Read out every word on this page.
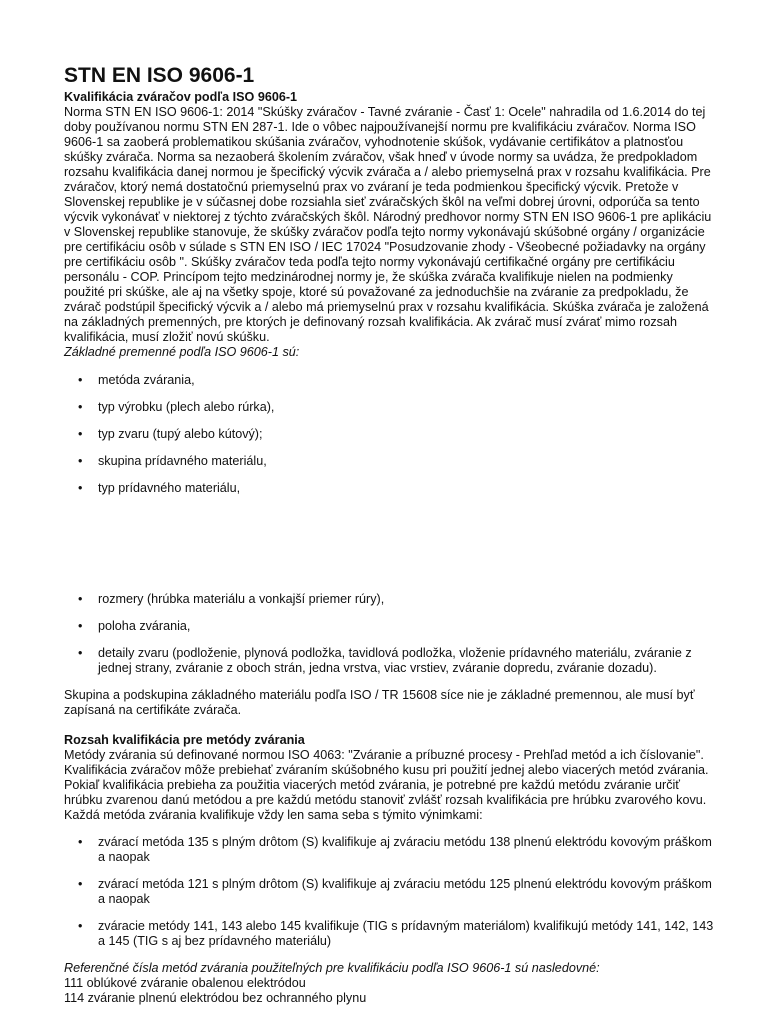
STN EN ISO 9606-1
Kvalifikácia zváračov podľa ISO 9606-1

Norma STN EN ISO 9606-1: 2014 "Skúšky zváračov - Tavné zváranie - Časť 1: Ocele" nahradila od 1.6.2014 do tej doby používanou normu STN EN 287-1. Ide o vôbec najpoužívanejší normu pre kvalifikáciu zváračov. Norma ISO 9606-1 sa zaoberá problematikou skúšania zváračov, vyhodnotenie skúšok, vydávanie certifikátov a platnosťou skúšky zvárača. Norma sa nezaoberá školením zváračov, však hneď v úvode normy sa uvádza, že predpokladom rozsahu kvalifikácia danej normou je špecifický výcvik zvárača a / alebo priemyselná prax v rozsahu kvalifikácia. Pre zváračov, ktorý nemá dostatočnú priemyselnú prax vo zváraní je teda podmienkou špecifický výcvik. Pretože v Slovenskej republike je v súčasnej dobe rozsiahla sieť zváračských škôl na veľmi dobrej úrovni, odporúča sa tento výcvik vykonávať v niektorej z týchto zváračských škôl. Národný predhovor normy STN EN ISO 9606-1 pre aplikáciu v Slovenskej republike stanovuje, že skúšky zváračov podľa tejto normy vykonávajú skúšobné orgány / organizácie pre certifikáciu osôb v súlade s STN EN ISO / IEC 17024 "Posudzovanie zhody - Všeobecné požiadavky na orgány pre certifikáciu osôb ". Skúšky zváračov teda podľa tejto normy vykonávajú certifikačné orgány pre certifikáciu personálu - COP. Princípom tejto medzinárodnej normy je, že skúška zvárača kvalifikuje nielen na podmienky použité pri skúške, ale aj na všetky spoje, ktoré sú považované za jednoduchšie na zváranie za predpokladu, že zvárač podstúpil špecifický výcvik a / alebo má priemyselnú prax v rozsahu kvalifikácia. Skúška zvárača je založená na základných premenných, pre ktorých je definovaný rozsah kvalifikácia. Ak zvárač musí zvárať mimo rozsah kvalifikácia, musí zložiť novú skúšku.

Základné premenné podľa ISO 9606-1 sú:

• metóda zvárania,
• typ výrobku (plech alebo rúrka),
• typ zvaru (tupý alebo kútový);
• skupina prídavného materiálu,
• typ prídavného materiálu,
• rozmery (hrúbka materiálu a vonkajší priemer rúry),
• poloha zvárania,
• detaily zvaru (podloženie, plynová podložka, tavidlová podložka, vloženie prídavného materiálu, zváranie z jednej strany, zváranie z oboch strán, jedna vrstva, viac vrstiev, zváranie dopredu, zváranie dozadu).

Skupina a podskupina základného materiálu podľa ISO / TR 15608 síce nie je základné premennou, ale musí byť zapísaná na certifikáte zvárača.

Rozsah kvalifikácia pre metódy zvárania

Metódy zvárania sú definované normou ISO 4063: "Zváranie a príbuzné procesy - Prehľad metód a ich číslovanie". Kvalifikácia zváračov môže prebiehať zváraním skúšobného kusu pri použití jednej alebo viacerých metód zvárania. Pokiaľ kvalifikácia prebieha za použitia viacerých metód zvárania, je potrebné pre každú metódu zváranie určiť hrúbku zvarenou danú metódou a pre každú metódu stanoviť zvlášť rozsah kvalifikácia pre hrúbku zvarového kovu. Každá metóda zvárania kvalifikuje vždy len sama seba s týmito výnimkami:

• zvárací metóda 135 s plným drôtom (S) kvalifikuje aj zváraciu metódu 138 plnenú elektródu kovovým práškom a naopak
• zvárací metóda 121 s plným drôtom (S) kvalifikuje aj zváraciu metódu 125 plnenú elektródu kovovým práškom a naopak
• zváracie metódy 141, 143 alebo 145 kvalifikuje (TIG s prídavným materiálom) kvalifikujú metódy 141, 142, 143 a 145 (TIG s aj bez prídavného materiálu)

Referenčné čísla metód zvárania použiteľných pre kvalifikáciu podľa ISO 9606-1 sú nasledovné:

111 oblúkové zváranie obalenou elektródou

114 zváranie plnenú elektródou bez ochranného plynu
